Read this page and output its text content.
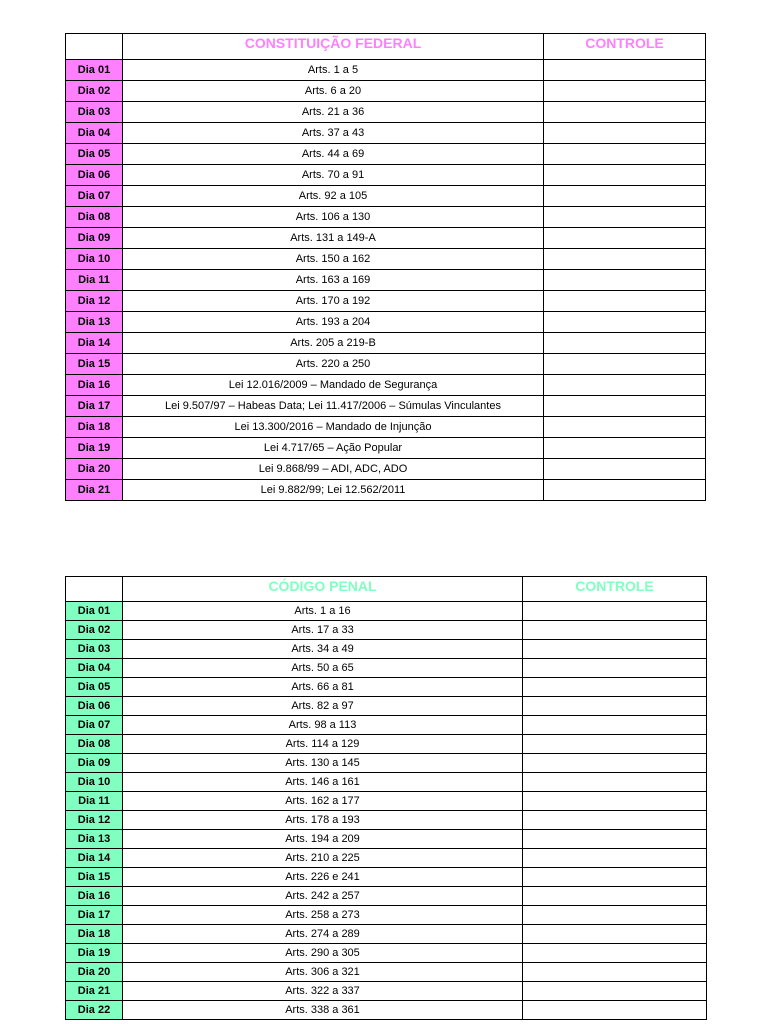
	CONSTITUIÇÃO FEDERAL	CONTROLE
Dia 01	Arts. 1 a 5	
Dia 02	Arts. 6 a 20	
Dia 03	Arts. 21 a 36	
Dia 04	Arts. 37 a 43	
Dia 05	Arts. 44 a 69	
Dia 06	Arts. 70 a 91	
Dia 07	Arts. 92 a 105	
Dia 08	Arts. 106 a 130	
Dia 09	Arts. 131 a 149-A	
Dia 10	Arts. 150 a 162	
Dia 11	Arts. 163 a 169	
Dia 12	Arts. 170 a 192	
Dia 13	Arts. 193 a 204	
Dia 14	Arts. 205 a 219-B	
Dia 15	Arts. 220 a 250	
Dia 16	Lei 12.016/2009 – Mandado de Segurança	
Dia 17	Lei 9.507/97 – Habeas Data; Lei 11.417/2006 – Súmulas Vinculantes	
Dia 18	Lei 13.300/2016 – Mandado de Injunção	
Dia 19	Lei 4.717/65 – Ação Popular	
Dia 20	Lei 9.868/99 – ADI, ADC, ADO	
Dia 21	Lei 9.882/99; Lei 12.562/2011	
	CÓDIGO PENAL	CONTROLE
Dia 01	Arts. 1 a 16	
Dia 02	Arts. 17 a 33	
Dia 03	Arts. 34 a 49	
Dia 04	Arts. 50 a 65	
Dia 05	Arts. 66 a 81	
Dia 06	Arts. 82 a 97	
Dia 07	Arts. 98 a 113	
Dia 08	Arts. 114 a 129	
Dia 09	Arts. 130 a 145	
Dia 10	Arts. 146 a 161	
Dia 11	Arts. 162 a 177	
Dia 12	Arts. 178 a 193	
Dia 13	Arts. 194 a 209	
Dia 14	Arts. 210 a 225	
Dia 15	Arts. 226 e 241	
Dia 16	Arts. 242 a 257	
Dia 17	Arts. 258 a 273	
Dia 18	Arts. 274 a 289	
Dia 19	Arts. 290 a 305	
Dia 20	Arts. 306 a 321	
Dia 21	Arts. 322 a 337	
Dia 22	Arts. 338 a 361	
